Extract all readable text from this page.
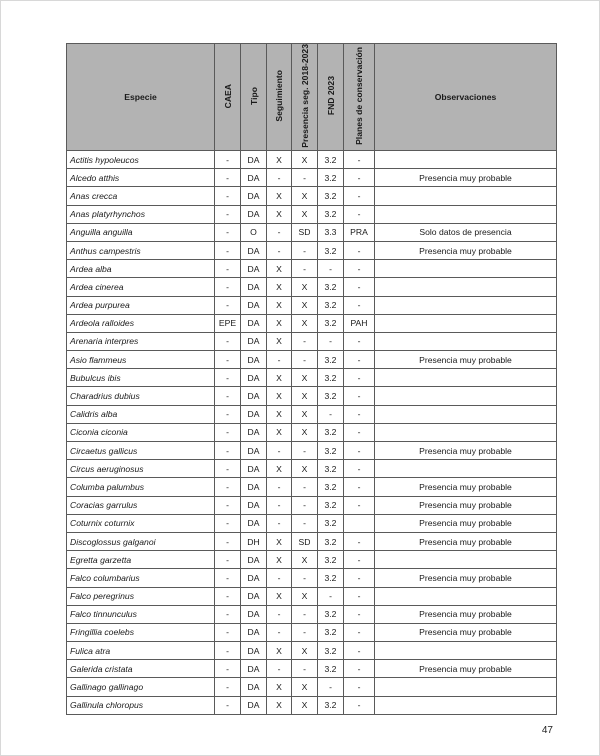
Especie	CAEA	Tipo	Seguimiento	Presencia seg. 2018-2023	FND 2023	Planes de conservación	Observaciones
Actitis hypoleucos	-	DA	X	X	3.2	-	
Alcedo atthis	-	DA	-	-	3.2	-	Presencia muy probable
Anas crecca	-	DA	X	X	3.2	-	
Anas platyrhynchos	-	DA	X	X	3.2	-	
Anguilla anguilla	-	O	-	SD	3.3	PRA	Solo datos de presencia
Anthus campestris	-	DA	-	-	3.2	-	Presencia muy probable
Ardea alba	-	DA	X	-	-	-	
Ardea cinerea	-	DA	X	X	3.2	-	
Ardea purpurea	-	DA	X	X	3.2	-	
Ardeola ralloides	EPE	DA	X	X	3.2	PAH	
Arenaria interpres	-	DA	X	-	-	-	
Asio flammeus	-	DA	-	-	3.2	-	Presencia muy probable
Bubulcus ibis	-	DA	X	X	3.2	-	
Charadrius dubius	-	DA	X	X	3.2	-	
Calidris alba	-	DA	X	X	-	-	
Ciconia ciconia	-	DA	X	X	3.2	-	
Circaetus gallicus	-	DA	-	-	3.2	-	Presencia muy probable
Circus aeruginosus	-	DA	X	X	3.2	-	
Columba palumbus	-	DA	-	-	3.2	-	Presencia muy probable
Coracias garrulus	-	DA	-	-	3.2	-	Presencia muy probable
Coturnix coturnix	-	DA	-	-	3.2		Presencia muy probable
Discoglossus galganoi	-	DH	X	SD	3.2	-	Presencia muy probable
Egretta garzetta	-	DA	X	X	3.2	-	
Falco columbarius	-	DA	-	-	3.2	-	Presencia muy probable
Falco peregrinus	-	DA	X	X	-	-	
Falco tinnunculus	-	DA	-	-	3.2	-	Presencia muy probable
Fringillia coelebs	-	DA	-	-	3.2	-	Presencia muy probable
Fulica atra	-	DA	X	X	3.2	-	
Galerida cristata	-	DA	-	-	3.2	-	Presencia muy probable
Gallinago gallinago	-	DA	X	X	-	-	
Gallinula chloropus	-	DA	X	X	3.2	-	
47
